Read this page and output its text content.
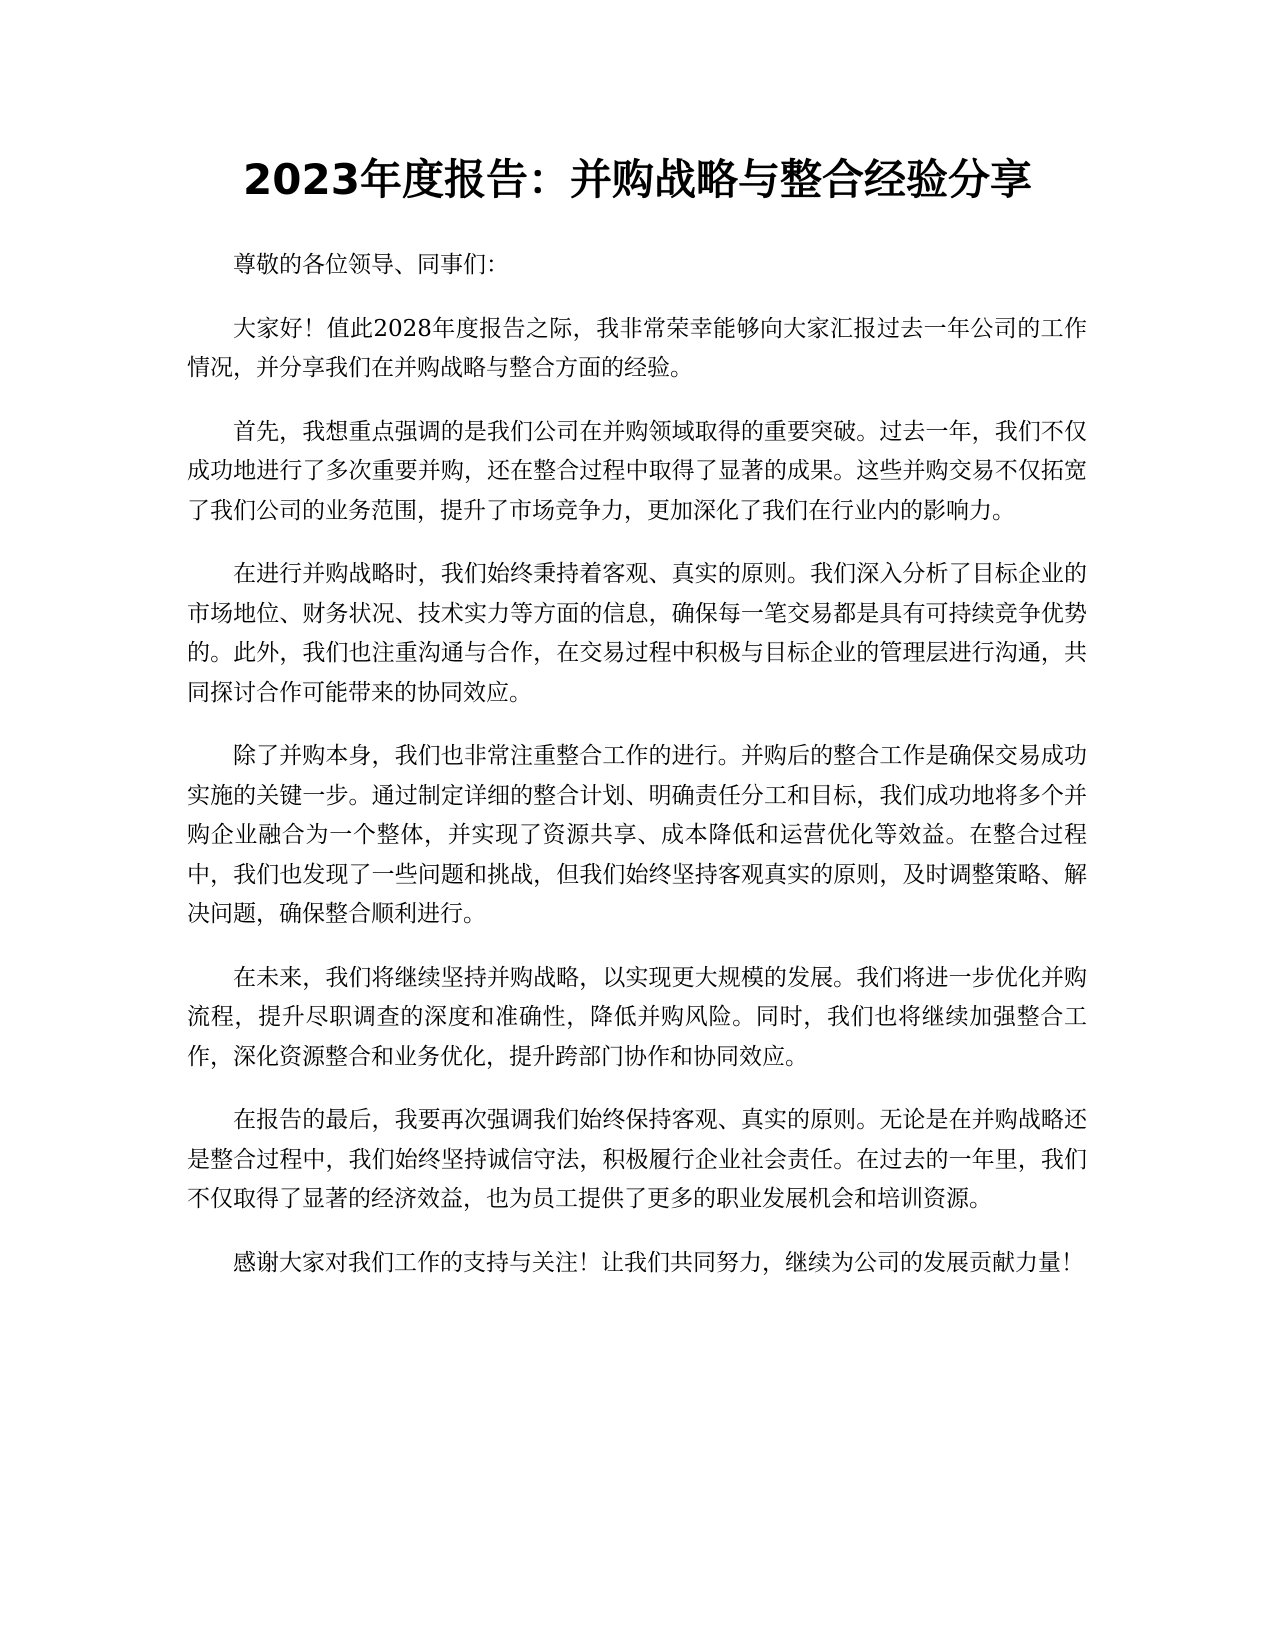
2023年度报告：并购战略与整合经验分享

尊敬的各位领导、同事们：

大家好！值此2028年度报告之际，我非常荣幸能够向大家汇报过去一年公司的工作情况，并分享我们在并购战略与整合方面的经验。

首先，我想重点强调的是我们公司在并购领域取得的重要突破。过去一年，我们不仅成功地进行了多次重要并购，还在整合过程中取得了显著的成果。这些并购交易不仅拓宽了我们公司的业务范围，提升了市场竞争力，更加深化了我们在行业内的影响力。

在进行并购战略时，我们始终秉持着客观、真实的原则。我们深入分析了目标企业的市场地位、财务状况、技术实力等方面的信息，确保每一笔交易都是具有可持续竞争优势的。此外，我们也注重沟通与合作，在交易过程中积极与目标企业的管理层进行沟通，共同探讨合作可能带来的协同效应。

除了并购本身，我们也非常注重整合工作的进行。并购后的整合工作是确保交易成功实施的关键一步。通过制定详细的整合计划、明确责任分工和目标，我们成功地将多个并购企业融合为一个整体，并实现了资源共享、成本降低和运营优化等效益。在整合过程中，我们也发现了一些问题和挑战，但我们始终坚持客观真实的原则，及时调整策略、解决问题，确保整合顺利进行。

在未来，我们将继续坚持并购战略，以实现更大规模的发展。我们将进一步优化并购流程，提升尽职调查的深度和准确性，降低并购风险。同时，我们也将继续加强整合工作，深化资源整合和业务优化，提升跨部门协作和协同效应。

在报告的最后，我要再次强调我们始终保持客观、真实的原则。无论是在并购战略还是整合过程中，我们始终坚持诚信守法，积极履行企业社会责任。在过去的一年里，我们不仅取得了显著的经济效益，也为员工提供了更多的职业发展机会和培训资源。

感谢大家对我们工作的支持与关注！让我们共同努力，继续为公司的发展贡献力量！
